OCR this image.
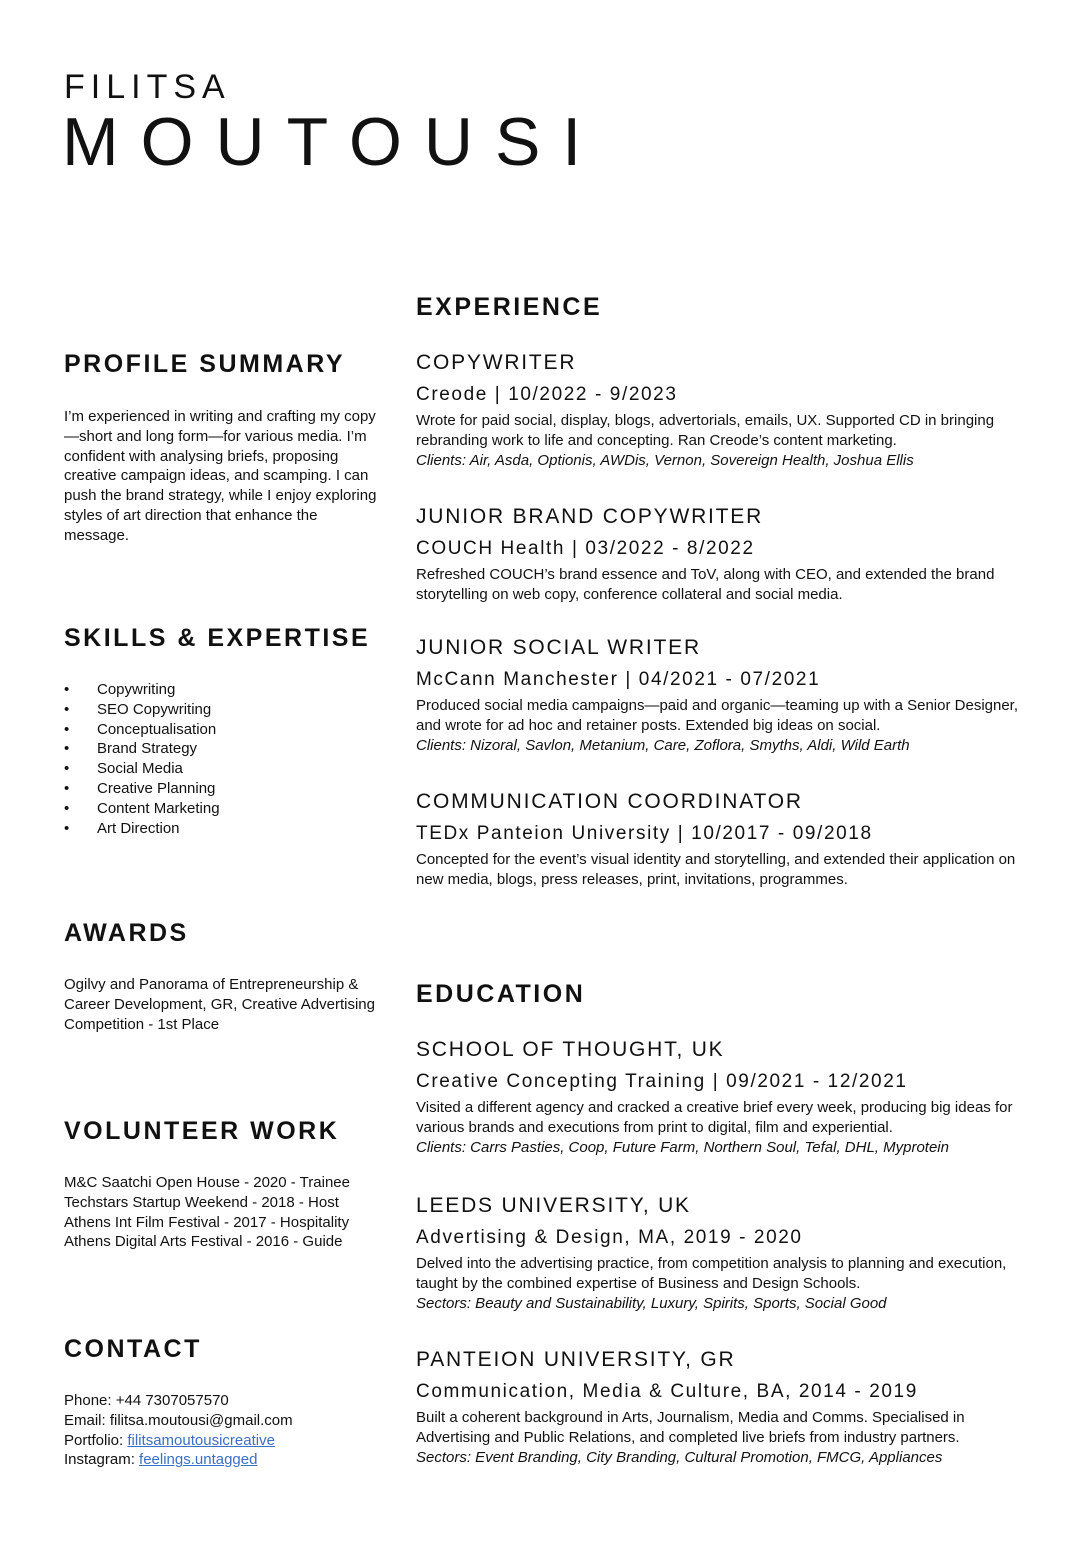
FILITSA
MOUTOUSI
PROFILE SUMMARY

I’m experienced in writing and crafting my copy—short and long form—for various media. I’m confident with analysing briefs, proposing creative campaign ideas, and scamping. I can push the brand strategy, while I enjoy exploring styles of art direction that enhance the message.

SKILLS & EXPERTISE
• Copywriting
• SEO Copywriting
• Conceptualisation
• Brand Strategy
• Social Media
• Creative Planning
• Content Marketing
• Art Direction
AWARDS

Ogilvy and Panorama of Entrepreneurship & Career Development, GR, Creative Advertising Competition - 1st Place

VOLUNTEER WORK
M&C Saatchi Open House - 2020 - Trainee
Techstars Startup Weekend - 2018 - Host
Athens Int Film Festival - 2017 - Hospitality
Athens Digital Arts Festival - 2016 - Guide
CONTACT
Phone: +44 7307057570
Email: filitsa.moutousi@gmail.com
Portfolio: filitsamoutousicreative
Instagram: feelings.untagged
EXPERIENCE
COPYWRITER
Creode | 10/2022 - 9/2023

Wrote for paid social, display, blogs, advertorials, emails, UX. Supported CD in bringing rebranding work to life and concepting. Ran Creode’s content marketing.
Clients: Air, Asda, Optionis, AWDis, Vernon, Sovereign Health, Joshua Ellis

JUNIOR BRAND COPYWRITER
COUCH Health | 03/2022 - 8/2022

Refreshed COUCH’s brand essence and ToV, along with CEO, and extended the brand storytelling on web copy, conference collateral and social media.

JUNIOR SOCIAL WRITER
McCann Manchester | 04/2021 - 07/2021

Produced social media campaigns—paid and organic—teaming up with a Senior Designer, and wrote for ad hoc and retainer posts. Extended big ideas on social.
Clients: Nizoral, Savlon, Metanium, Care, Zoflora, Smyths, Aldi, Wild Earth

COMMUNICATION COORDINATOR
TEDx Panteion University | 10/2017 - 09/2018

Concepted for the event’s visual identity and storytelling, and extended their application on new media, blogs, press releases, print, invitations, programmes.

EDUCATION
SCHOOL OF THOUGHT, UK
Creative Concepting Training | 09/2021 - 12/2021

Visited a different agency and cracked a creative brief every week, producing big ideas for various brands and executions from print to digital, film and experiential.
Clients: Carrs Pasties, Coop, Future Farm, Northern Soul, Tefal, DHL, Myprotein

LEEDS UNIVERSITY, UK
Advertising & Design, MA, 2019 - 2020

Delved into the advertising practice, from competition analysis to planning and execution, taught by the combined expertise of Business and Design Schools.
Sectors: Beauty and Sustainability, Luxury, Spirits, Sports, Social Good

PANTEION UNIVERSITY, GR
Communication, Media & Culture, BA, 2014 - 2019

Built a coherent background in Arts, Journalism, Media and Comms. Specialised in Advertising and Public Relations, and completed live briefs from industry partners.
Sectors: Event Branding, City Branding, Cultural Promotion, FMCG, Appliances
